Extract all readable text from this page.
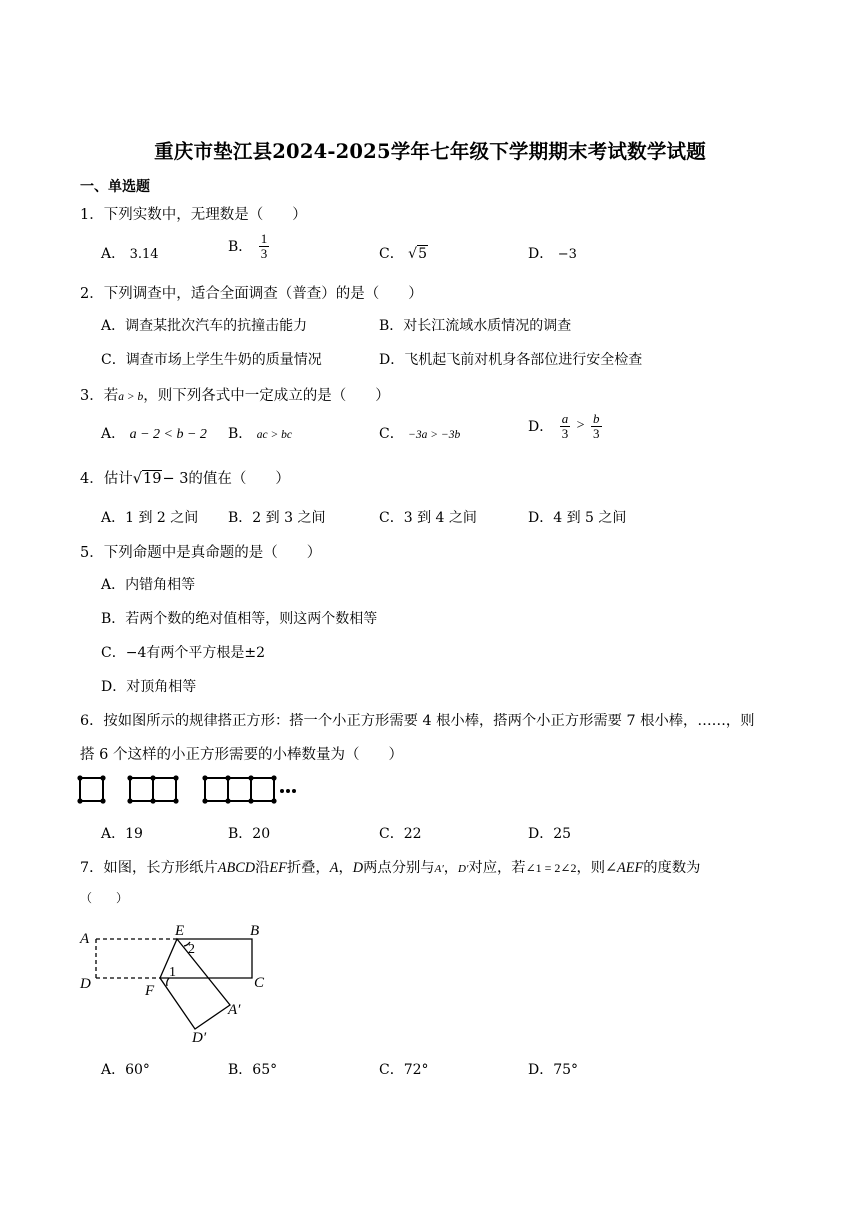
重庆市垫江县2024-2025学年七年级下学期期末考试数学试题
一、单选题
1．下列实数中，无理数是（　　）
A． 3.14	B． $\frac{1}{3}$	C． √5	D． −3
2．下列调查中，适合全面调查（普查）的是（　　）
A．调查某批次汽车的抗撞击能力	B．对长江流域水质情况的调查
C．调查市场上学生牛奶的质量情况	D．飞机起飞前对机身各部位进行安全检查
3．若a > b，则下列各式中一定成立的是（　　）
A． a − 2 < b − 2 B． ac > bc	C． −3a > −3b	D． $\frac{a}{3} > \frac{b}{3}$
4．估计√19− 3的值在（　　）
A．1 到 2 之间 B．2 到 3 之间	C．3 到 4 之间	D．4 到 5 之间
5．下列命题中是真命题的是（　　）
A．内错角相等
B．若两个数的绝对值相等，则这两个数相等
C．−4有两个平方根是±2
D．对顶角相等
6．按如图所示的规律搭正方形：搭一个小正方形需要 4 根小棒，搭两个小正方形需要 7 根小棒，……，则
搭 6 个这样的小正方形需要的小棒数量为（　　）
A．19	B．20	C．22	D．25
7．如图，长方形纸片ABCD沿EF折叠，A，D两点分别与A′，D′对应，若∠1 = 2∠2，则∠AEF的度数为
（　　）
A	B
C
D
E
F
A′
D′
2
1
A．60°	B．65°	C．72°	D．75°
